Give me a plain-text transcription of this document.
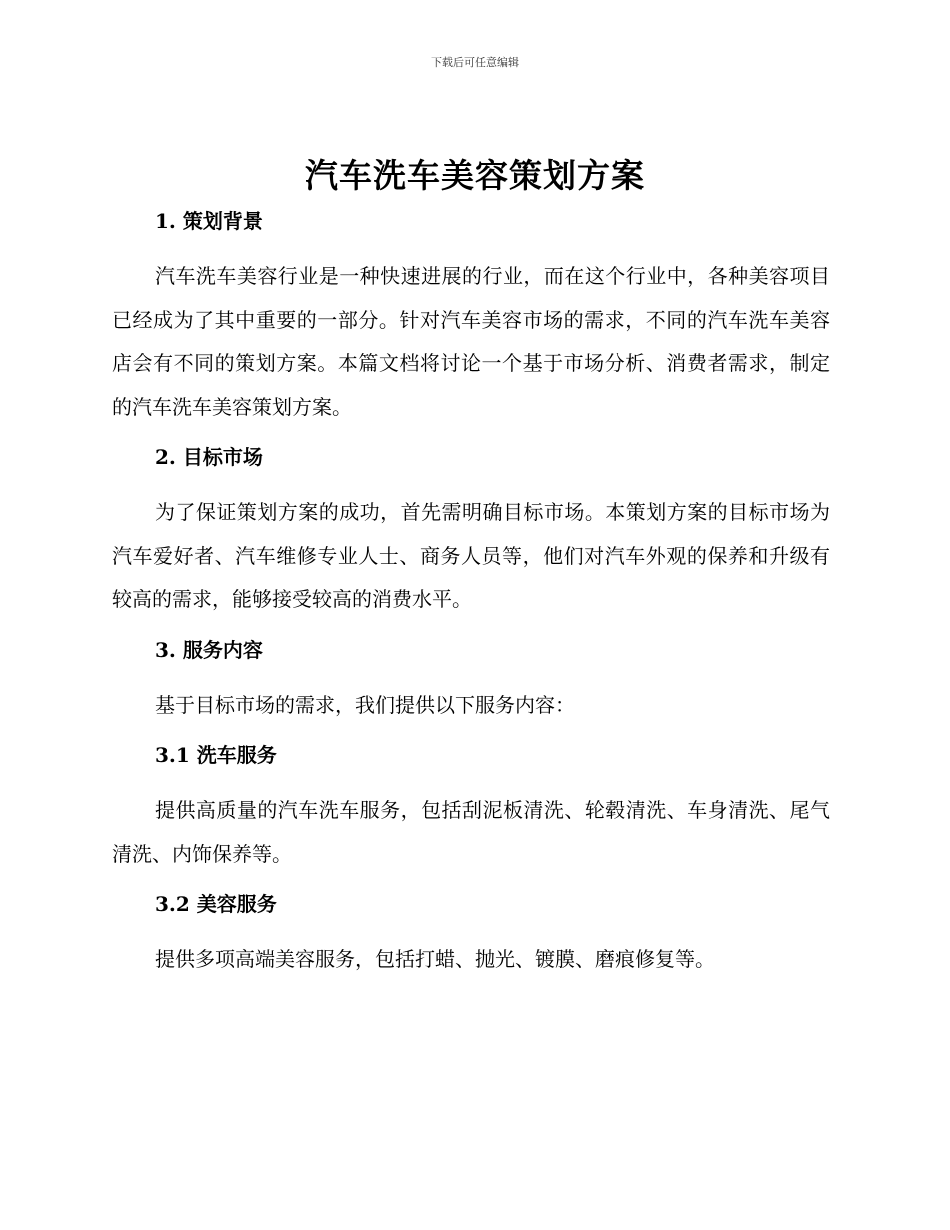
下载后可任意编辑
汽车洗车美容策划方案
1. 策划背景

汽车洗车美容行业是一种快速进展的行业，而在这个行业中，各种美容项目已经成为了其中重要的一部分。针对汽车美容市场的需求，不同的汽车洗车美容店会有不同的策划方案。本篇文档将讨论一个基于市场分析、消费者需求，制定的汽车洗车美容策划方案。

2. 目标市场

为了保证策划方案的成功，首先需明确目标市场。本策划方案的目标市场为汽车爱好者、汽车维修专业人士、商务人员等，他们对汽车外观的保养和升级有较高的需求，能够接受较高的消费水平。

3. 服务内容

基于目标市场的需求，我们提供以下服务内容：

3.1 洗车服务

提供高质量的汽车洗车服务，包括刮泥板清洗、轮毂清洗、车身清洗、尾气清洗、内饰保养等。

3.2 美容服务

提供多项高端美容服务，包括打蜡、抛光、镀膜、磨痕修复等。
